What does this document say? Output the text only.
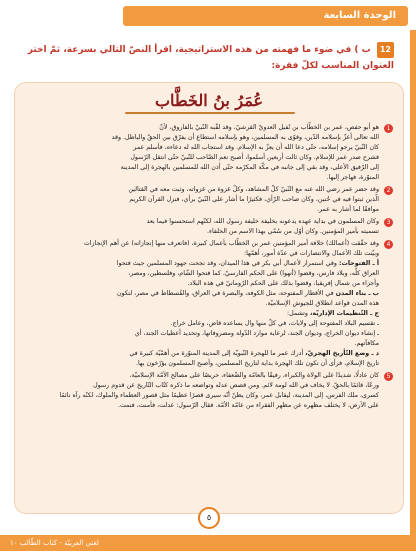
الوحدة السابعة
12 ب ) في ضوء ما فهمته من هذه الاستراتيجية، اقرأ النصّ التالي بسرعة، ثمّ اختر العنوان المناسب لكلّ فقرة:
عُمَرُ بنُ الخَطَّاب
1
هو أبو حفص، عمر بن الخطّاب بن نُفيل العدويّ القرشيّ، وقد لقّبه النّبيّ بالفاروق، لأنّ
الله تعالى أعزّ بإسلامه الدّين، وقوّى به المسلمين، وهو بإسلامه استطاع أن يفرّق بين الحقّ والباطل. وقد
كان النّبيّ يرجو إسلامه، حتّى دعا الله أن يعزّ به الإسلام. وقد استجاب الله له دعاءه، فأسلم عمر
فشرح صدر عمر للإسلام. وكان ثالث أربعين أسلموا، أصبح نعم الصّاحب للنّبيّ حتّى انتقل الرّسول
إلى الرّفيق الأعلى، وقد بقي إلى جانبه في مكّة المكرّمة حتّى أذن الله للمسلمين بالهجرة إلى المدينة
المنوّرة، فهاجر إليها.
2
وقد حضر عمر رضي الله عنه مع النّبيّ كلّ المشاهد، وكلّ غزوة من غزواته، وثبت معه في القتالين
الّذين ثبتوا فيه في حُنين، وكان صاحب الرّأي، فكثيرًا ما أشار على النّبيّ برأي، فنزل القرآن الكريم
موافقًا لما أشار به عمر.
3
وكان المسلمون في بداية عهده يدعونه بخليفة خليفة رسول الله، لكنّهم استحسنوا فيما بعد
تسميته بأمير المؤمنين. وكان أوّل من سُمّي بهذا الاسم من الخلفاء.
4
وقد حقّقت (أعمالك) خلافة أمير المؤمنين عمر بن الخطّاب بأعمال كبيرة، (فاتعرف منها إنجازاته) عن أهم الإنجازات
وبيّنت تلك الأعمال والانتصارات في عدّة أمور، أهمّها:
أ ـ الفتوحات: وفي استمرار لأعمال أبي بكر في هذا الميدان، وقد نجحت جهود المسلمين حيث فتحوا
العراق كلّه، وبلاد فارس، وقضوا (أنهوا) على الحكم الفارسيّ، كما فتحوا الشّام، وفلسطين، ومصر،
وأجزاء من شمال إفريقيا، وقضوا بذلك على الحكم الرّومانيّ في هذه البلاد.
ب ـ بناء المدن في الأقطار المفتوحة، مثل الكوفة، والبصرة في العراق، والفُسطاط في مصر، لتكون
هذه المدن قواعد انطلاق للجيوش الإسلاميّة.
ج ـ التّنظيمات الإداريّة، وتشمل:
ـ تقسيم البلاد المفتوحة إلى ولايات، في كلّ منها وال يساعده قاض، وعامل خراج.
ـ إنشاء ديوان الخراج، وديوان الجند، لرعاية موارد الدّولة ومصروفاتها، وتحديد أعطيات الجند، أي
مكافآتهم.
د ـ وضع التّأريخ الهجريّ، أدرك عمر ما للهجرة النّبويّة إلى المدينة المنوّرة من أهمّيّة كبيرة في
تاريخ الإسلام، فرأى أن تكون تلك الهجرة بداية لتاريخ المسلمين، وأصبح المسلمون يؤرّخون بها.
5
كان عادلًا، شديدًا على الولاة والكبراء، رفيقًا بالعامّة والضّعفاء، حريصًا على مصالح الأمّة الإسلاميّة،
ورعًا، قائمًا بالحقّ، لا يخاف في الله لومة لائم. ومن قصص عدله وتواضعه ما ذكره كتّاب التّاريخ عن قدوم رسول
كسرى، ملك الفرس، إلى المدينة، ليقابل عمر، وكان يظنّ أنّه سيرى قصرًا عظيمًا مثل قصور العظماء والملوك، لكنّه رآه نائمًا
على الأرض، لا يختلف مظهره عن مظهر الفقراء من عامّة الأمّة. فقال الرّسول: عدلت، فأمنت، فنمت.
٥
لغتي العربيّة - كتاب الطّالب ١٠
